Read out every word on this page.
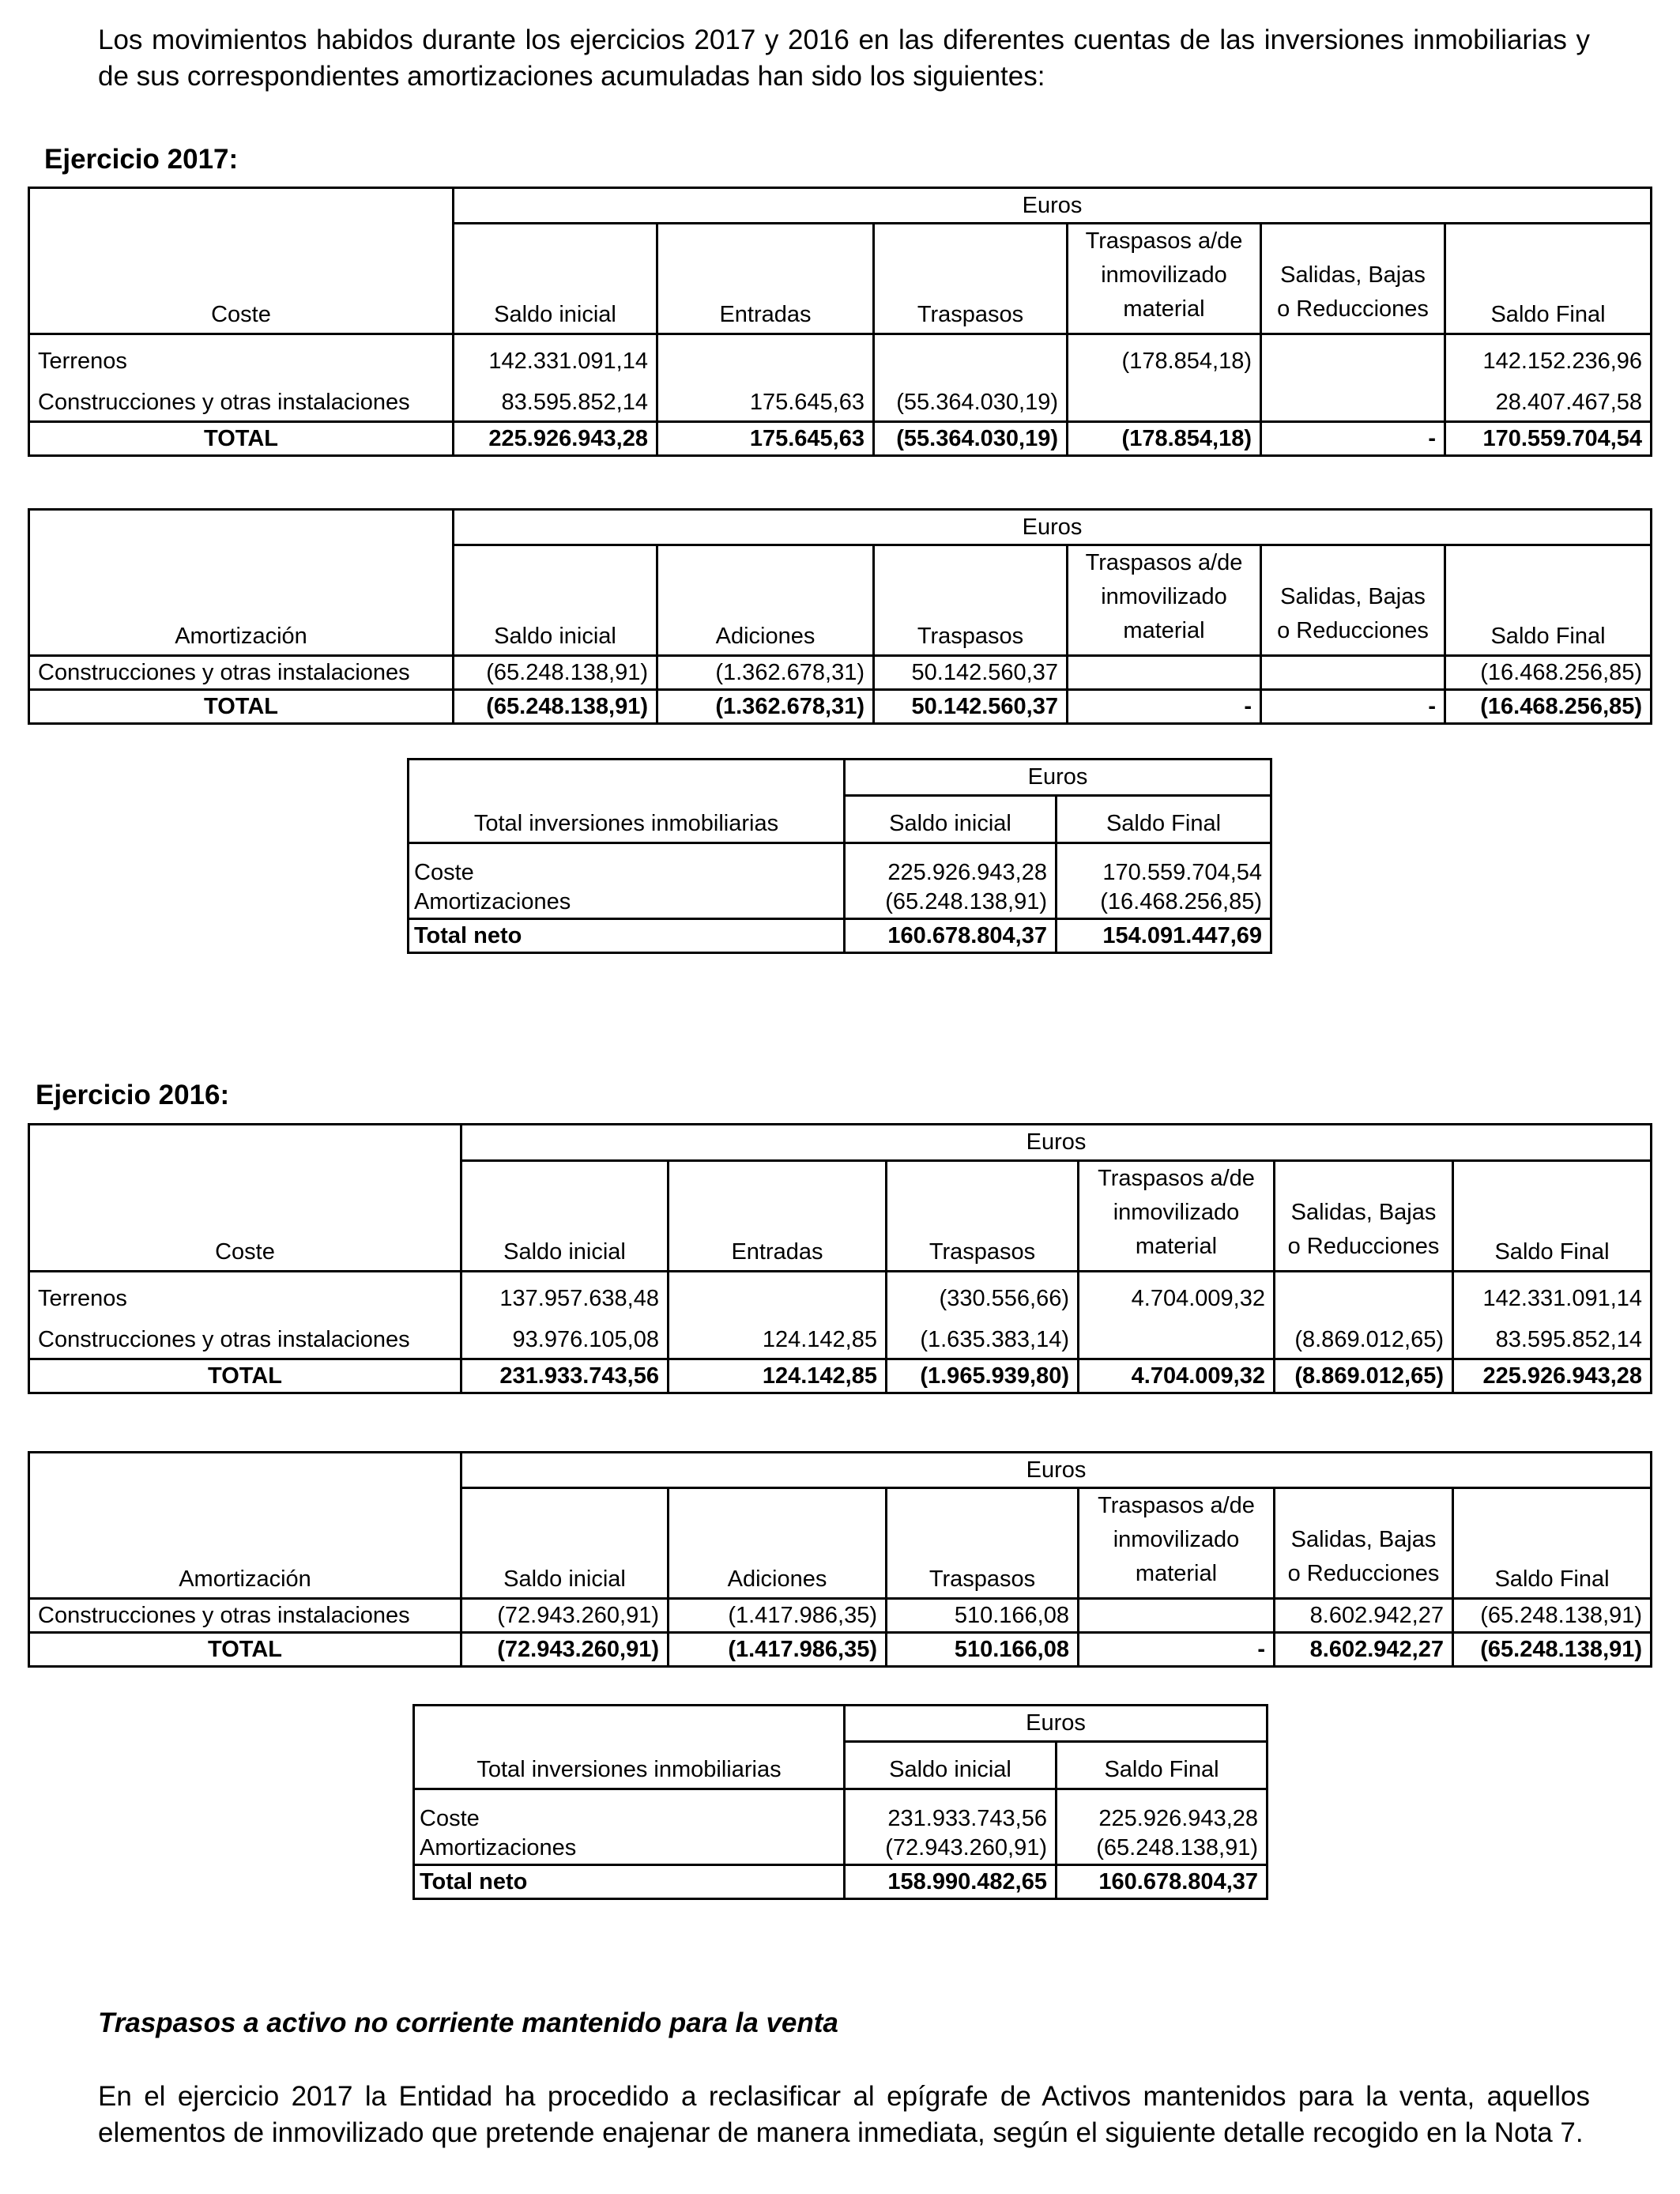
Los movimientos habidos durante los ejercicios 2017 y 2016 en las diferentes cuentas de las inversiones inmobiliarias y de sus correspondientes amortizaciones acumuladas han sido los siguientes:

Ejercicio 2017:

	Euros					
Coste	Saldo inicial	Entradas	Traspasos	Traspasos a/de
inmovilizado
material	Salidas, Bajas
o Reducciones	Saldo Final
Terrenos	142.331.091,14			(178.854,18)		142.152.236,96
Construcciones y otras instalaciones	83.595.852,14	175.645,63	(55.364.030,19)			28.407.467,58
TOTAL	225.926.943,28	175.645,63	(55.364.030,19)	(178.854,18)	-	170.559.704,54
	Euros					
Amortización	Saldo inicial	Adiciones	Traspasos	Traspasos a/de
inmovilizado
material	Salidas, Bajas
o Reducciones	Saldo Final
Construcciones y otras instalaciones	(65.248.138,91)	(1.362.678,31)	50.142.560,37			(16.468.256,85)
TOTAL	(65.248.138,91)	(1.362.678,31)	50.142.560,37	-	-	(16.468.256,85)
	Euros	
Total inversiones inmobiliarias	Saldo inicial	Saldo Final
Coste	225.926.943,28	170.559.704,54
Amortizaciones	(65.248.138,91)	(16.468.256,85)
Total neto	160.678.804,37	154.091.447,69

Ejercicio 2016:

	Euros					
Coste	Saldo inicial	Entradas	Traspasos	Traspasos a/de
inmovilizado
material	Salidas, Bajas
o Reducciones	Saldo Final
Terrenos	137.957.638,48		(330.556,66)	4.704.009,32		142.331.091,14
Construcciones y otras instalaciones	93.976.105,08	124.142,85	(1.635.383,14)		(8.869.012,65)	83.595.852,14
TOTAL	231.933.743,56	124.142,85	(1.965.939,80)	4.704.009,32	(8.869.012,65)	225.926.943,28
	Euros					
Amortización	Saldo inicial	Adiciones	Traspasos	Traspasos a/de
inmovilizado
material	Salidas, Bajas
o Reducciones	Saldo Final
Construcciones y otras instalaciones	(72.943.260,91)	(1.417.986,35)	510.166,08		8.602.942,27	(65.248.138,91)
TOTAL	(72.943.260,91)	(1.417.986,35)	510.166,08	-	8.602.942,27	(65.248.138,91)
	Euros	
Total inversiones inmobiliarias	Saldo inicial	Saldo Final
Coste	231.933.743,56	225.926.943,28
Amortizaciones	(72.943.260,91)	(65.248.138,91)
Total neto	158.990.482,65	160.678.804,37

Traspasos a activo no corriente mantenido para la venta

En el ejercicio 2017 la Entidad ha procedido a reclasificar al epígrafe de Activos mantenidos para la venta, aquellos elementos de inmovilizado que pretende enajenar de manera inmediata, según el siguiente detalle recogido en la Nota 7.
